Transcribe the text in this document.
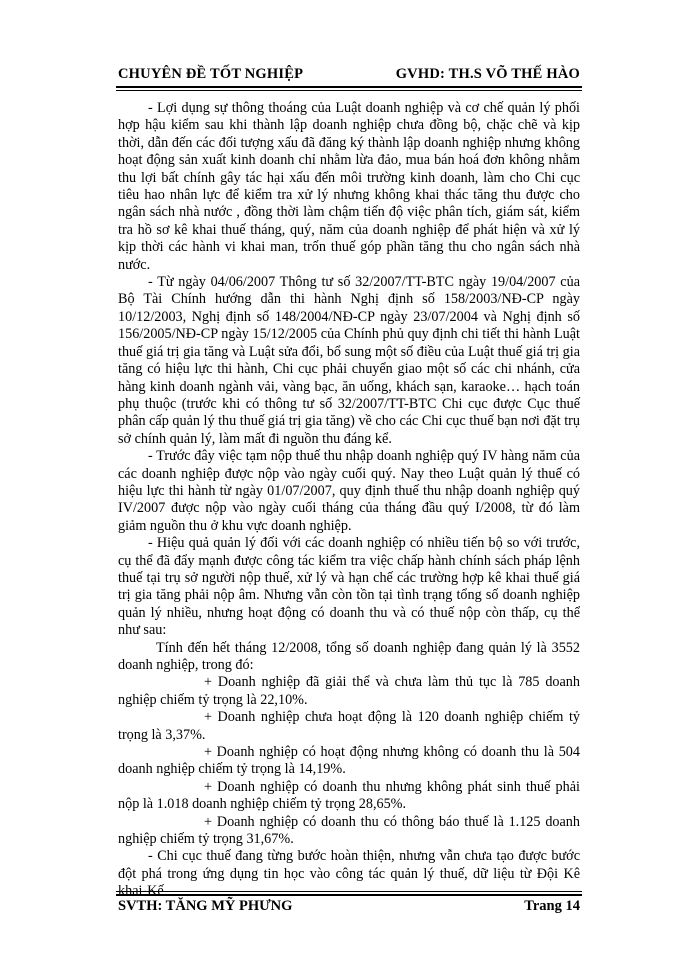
CHUYÊN ĐỀ TỐT NGHIỆP	GVHD: TH.S VÕ THẾ HÀO

- Lợi dụng sự thông thoáng của Luật doanh nghiệp và cơ chế quản lý phối hợp hậu kiểm sau khi thành lập doanh nghiệp chưa đồng bộ, chặc chẽ và kịp thời, dẫn đến các đối tượng xấu đã đăng ký thành lập doanh nghiệp nhưng không hoạt động sản xuất kinh doanh chỉ nhằm lừa đảo, mua bán hoá đơn không nhằm thu lợi bất chính gây tác hại xấu đến môi trường kinh doanh, làm cho Chi cục tiêu hao nhân lực để kiểm tra xử lý nhưng không khai thác tăng thu được cho ngân sách nhà nước , đồng thời làm chậm tiến độ việc phân tích, giám sát, kiểm tra hồ sơ kê khai thuế tháng, quý, năm của doanh nghiệp để phát hiện và xử lý kịp thời các hành vi khai man, trốn thuế góp phần tăng thu cho ngân sách nhà nước.

- Từ ngày 04/06/2007 Thông tư số 32/2007/TT-BTC ngày 19/04/2007 của Bộ Tài Chính hướng dẫn thi hành Nghị định số 158/2003/NĐ-CP ngày 10/12/2003, Nghị định số 148/2004/NĐ-CP ngày 23/07/2004 và Nghị định số 156/2005/NĐ-CP ngày 15/12/2005 của Chính phủ quy định chi tiết thi hành Luật thuế giá trị gia tăng và Luật sửa đổi, bổ sung một số điều của Luật thuế giá trị gia tăng có hiệu lực thi hành, Chi cục phải chuyển giao một số các chi nhánh, cửa hàng kinh doanh ngành vải, vàng bạc, ăn uống, khách sạn, karaoke… hạch toán phụ thuộc (trước khi có thông tư số 32/2007/TT-BTC Chi cục được Cục thuế phân cấp quản lý thu thuế giá trị gia tăng) về cho các Chi cục thuế bạn nơi đặt trụ sở chính quản lý, làm mất đi nguồn thu đáng kể.

- Trước đây việc tạm nộp thuế thu nhập doanh nghiệp quý IV hàng năm của các doanh nghiệp được nộp vào ngày cuối quý. Nay theo Luật quản lý thuế có hiệu lực thi hành từ ngày 01/07/2007, quy định thuế thu nhập doanh nghiệp quý IV/2007 được nộp vào ngày cuối tháng của tháng đầu quý I/2008, từ đó làm giảm nguồn thu ở khu vực doanh nghiệp.

- Hiệu quả quản lý đối với các doanh nghiệp có nhiều tiến bộ so với trước, cụ thể đã đẩy mạnh được công tác kiểm tra việc chấp hành chính sách pháp lệnh thuế tại trụ sở người nộp thuế, xử lý và hạn chế các trường hợp kê khai thuế giá trị gia tăng phải nộp âm. Nhưng vẫn còn tồn tại tình trạng tổng số doanh nghiệp quản lý nhiều, nhưng hoạt động có doanh thu và có thuế nộp còn thấp, cụ thể như sau:

Tính đến hết tháng 12/2008, tổng số doanh nghiệp đang quản lý là 3552 doanh nghiệp, trong đó:

+ Doanh nghiệp đã giải thể và chưa làm thủ tục là 785 doanh nghiệp chiếm tỷ trọng là 22,10%.

+ Doanh nghiệp chưa hoạt động là 120 doanh nghiệp chiếm tỷ trọng là 3,37%.

+ Doanh nghiệp có hoạt động nhưng không có doanh thu là 504 doanh nghiệp chiếm tỷ trọng là 14,19%.

+ Doanh nghiệp có doanh thu nhưng không phát sinh thuế phải nộp là 1.018 doanh nghiệp chiếm tỷ trọng 28,65%.

+ Doanh nghiệp có doanh thu có thông báo thuế là 1.125 doanh nghiệp chiếm tỷ trọng 31,67%.

- Chi cục thuế đang từng bước hoàn thiện, nhưng vẫn chưa tạo được bước đột phá trong ứng dụng tin học vào công tác quản lý thuế, dữ liệu từ Đội Kê khai-Kế

SVTH: TĂNG MỸ PHƯNG	Trang 14
